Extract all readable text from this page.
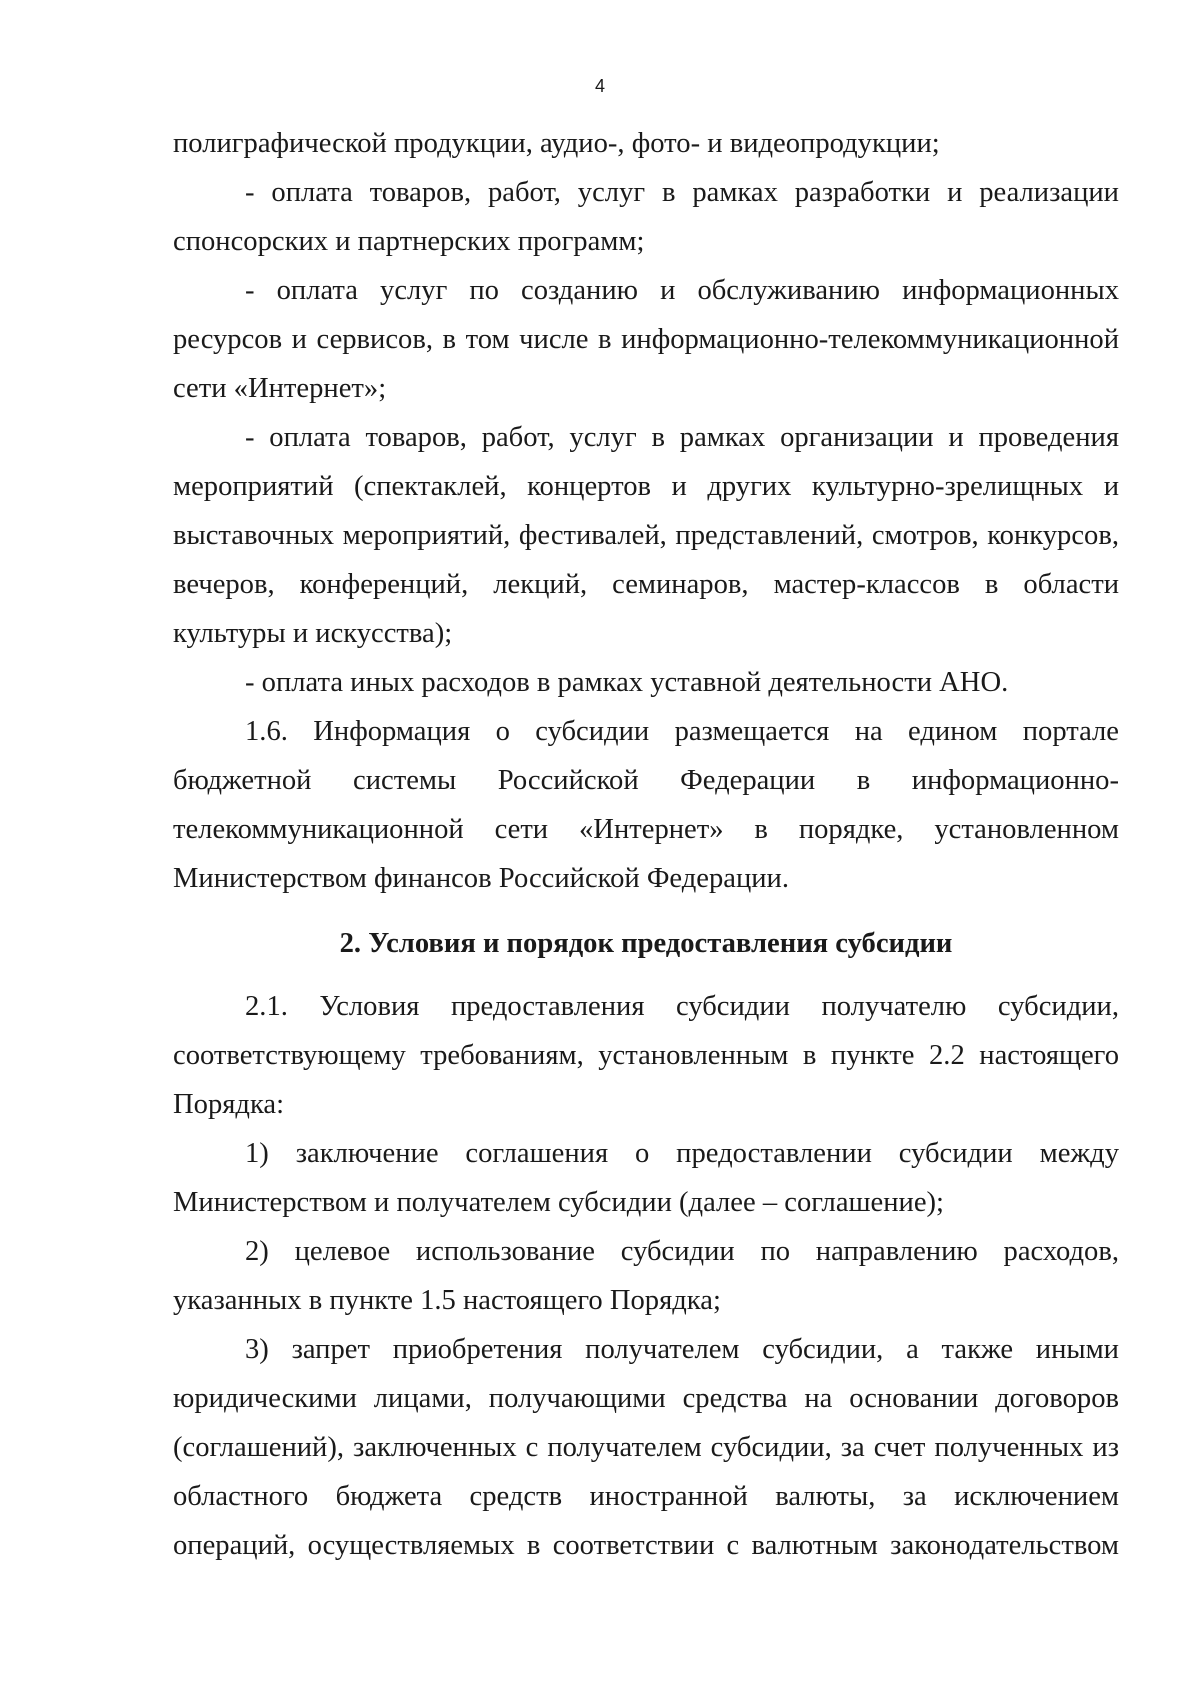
4

полиграфической продукции, аудио-, фото- и видеопродукции;

- оплата товаров, работ, услуг в рамках разработки и реализации спонсорских и партнерских программ;

- оплата услуг по созданию и обслуживанию информационных ресурсов и сервисов, в том числе в информационно-телекоммуникационной сети «Интернет»;

- оплата товаров, работ, услуг в рамках организации и проведения мероприятий (спектаклей, концертов и других культурно-зрелищных и выставочных мероприятий, фестивалей, представлений, смотров, конкурсов, вечеров, конференций, лекций, семинаров, мастер-классов в области культуры и искусства);

- оплата иных расходов в рамках уставной деятельности АНО.

1.6. Информация о субсидии размещается на едином портале бюджетной системы Российской Федерации в информационно-телекоммуникационной сети «Интернет» в порядке, установленном Министерством финансов Российской Федерации.

2. Условия и порядок предоставления субсидии

2.1. Условия предоставления субсидии получателю субсидии, соответствующему требованиям, установленным в пункте 2.2 настоящего Порядка:

1) заключение соглашения о предоставлении субсидии между Министерством и получателем субсидии (далее – соглашение);

2) целевое использование субсидии по направлению расходов, указанных в пункте 1.5 настоящего Порядка;

3) запрет приобретения получателем субсидии, а также иными юридическими лицами, получающими средства на основании договоров (соглашений), заключенных с получателем субсидии, за счет полученных из областного бюджета средств иностранной валюты, за исключением операций, осуществляемых в соответствии с валютным законодательством
